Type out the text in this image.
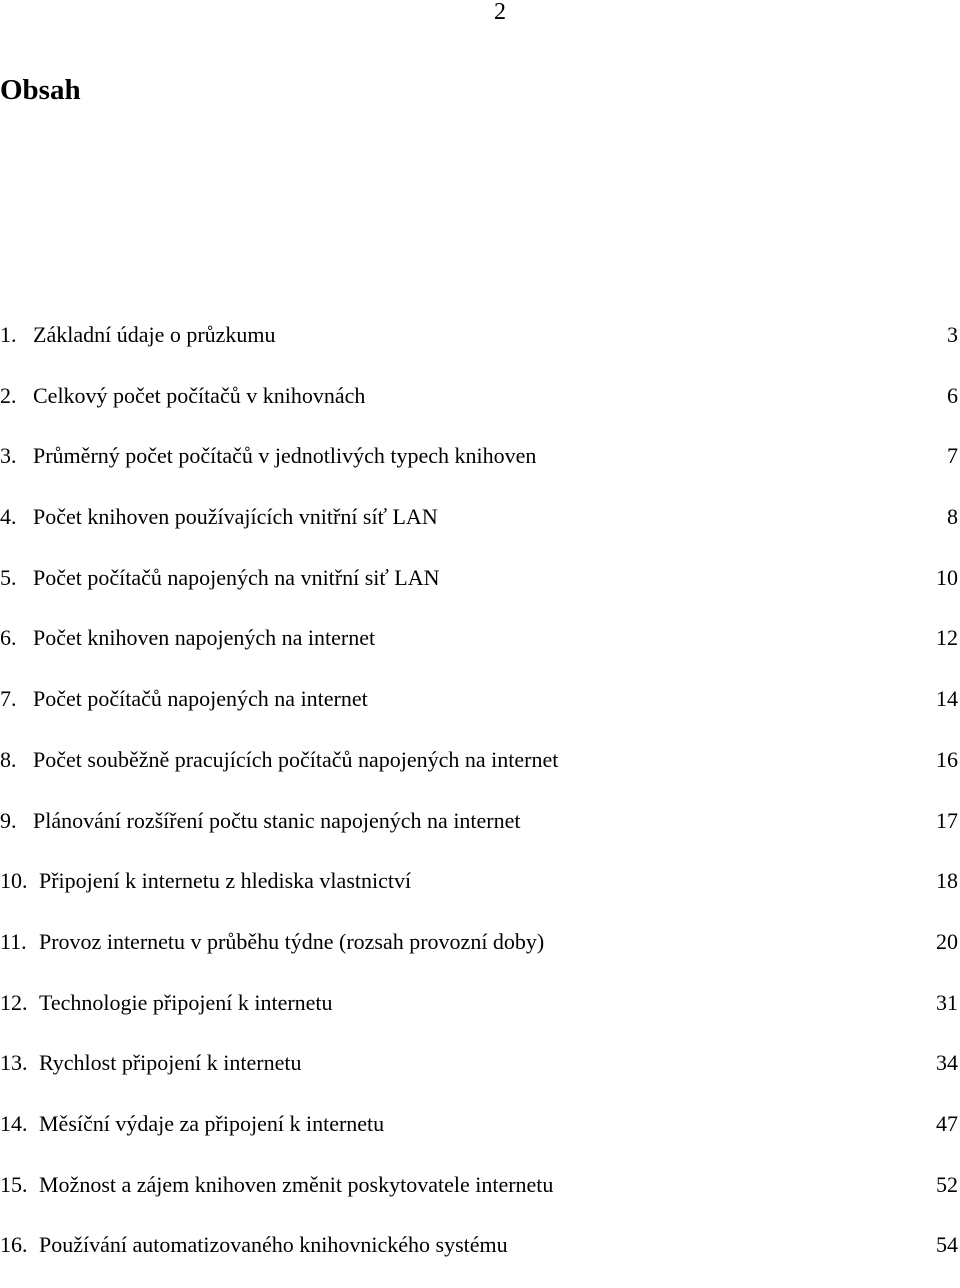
2
Obsah
1. Základní údaje o průzkumu	3
2. Celkový počet počítačů v knihovnách	6
3. Průměrný počet počítačů v jednotlivých typech knihoven	7
4. Počet knihoven používajících vnitřní síť LAN	8
5. Počet počítačů napojených na vnitřní siť LAN	10
6. Počet knihoven napojených na internet	12
7. Počet počítačů napojených na internet	14
8. Počet souběžně pracujících počítačů napojených na internet	16
9. Plánování rozšíření počtu stanic napojených na internet	17
10. Připojení k internetu z hlediska vlastnictví	18
11. Provoz internetu v průběhu týdne (rozsah provozní doby)	20
12. Technologie připojení k internetu	31
13. Rychlost připojení k internetu	34
14. Měsíční výdaje za připojení k internetu	47
15. Možnost a zájem knihoven změnit poskytovatele internetu	52
16. Používání automatizovaného knihovnického systému	54
